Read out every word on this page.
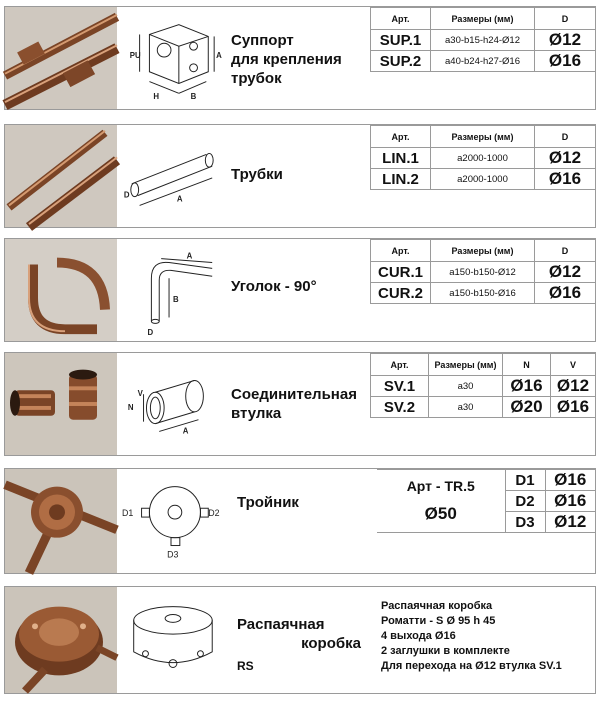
PU
H	B
A
Суппорт
для крепления
трубок
Арт.	Размеры (мм)	D
SUP.1	a30-b15-h24-Ø12	Ø12
SUP.2	a40-b24-h27-Ø16	Ø16
D	A
Трубки
Арт.	Размеры (мм)	D
LIN.1	a2000-1000	Ø12
LIN.2	a2000-1000	Ø16
A
B
D
Уголок - 90°
Арт.	Размеры (мм)	D
CUR.1	a150-b150-Ø12	Ø12
CUR.2	a150-b150-Ø16	Ø16
N
V
A
Соединительная
втулка
Арт.	Размеры (мм)	N	V
SV.1	a30	Ø16	Ø12
SV.2	a30	Ø20	Ø16
D1	D2
D3
Тройник
Арт - TR.5
Ø50	D1	Ø16
	D2	Ø16
	D3	Ø12
Распаячная
коробка
RS
Распаячная коробка
Роматти - S Ø 95 h 45
4 выхода Ø16
2 заглушки в комплекте
Для перехода на Ø12 втулка SV.1
